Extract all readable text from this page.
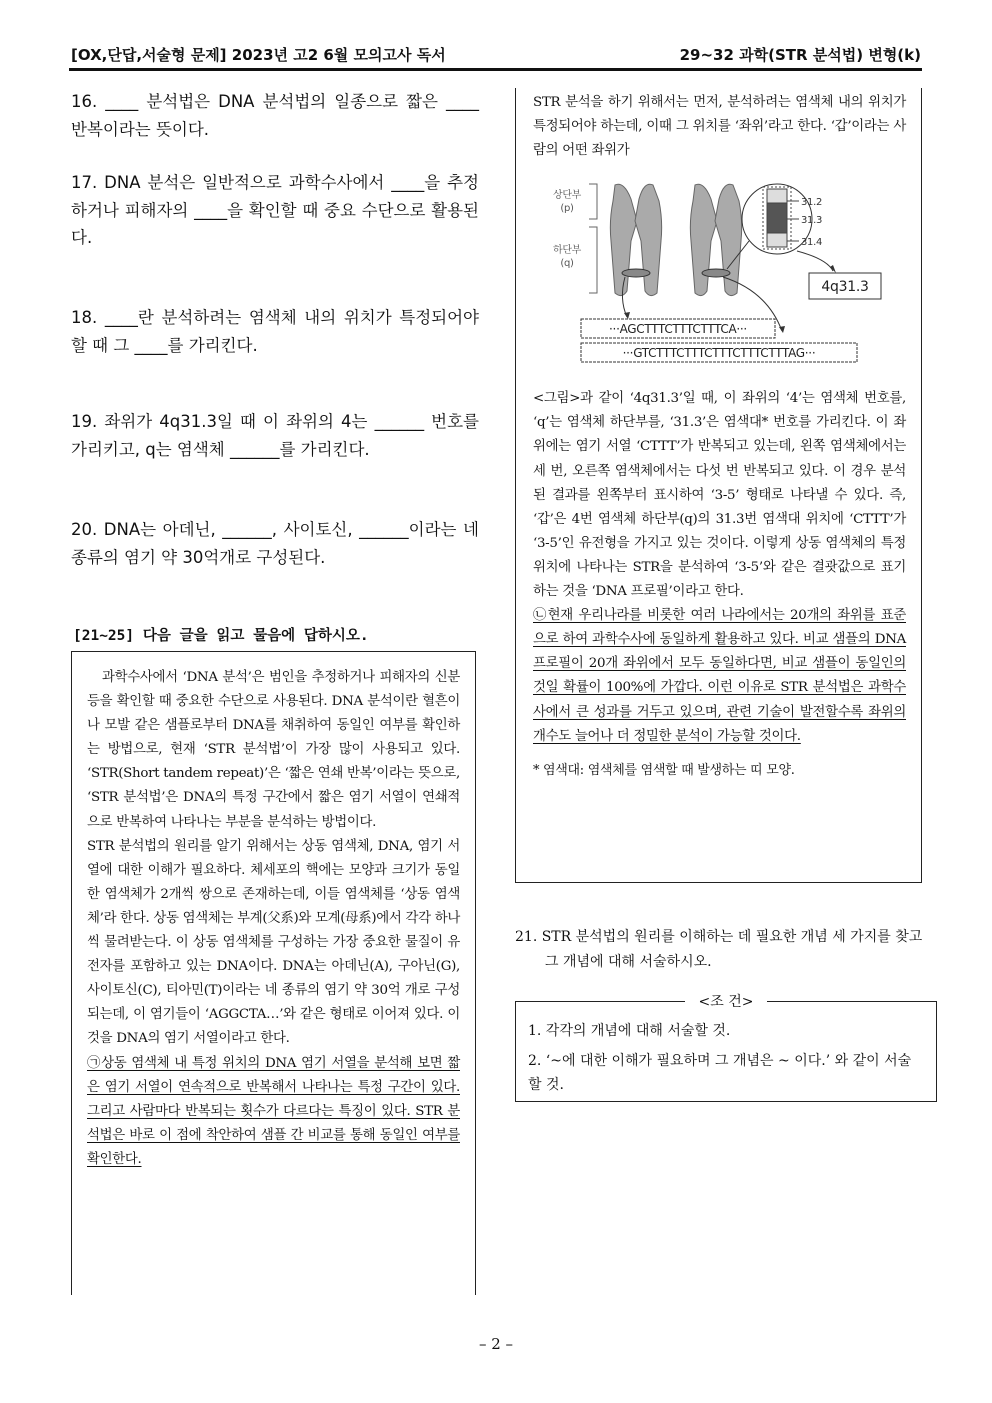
[OX,단답,서술형 문제] 2023년 고2 6월 모의고사 독서	29~32 과학(STR 분석법) 변형(k)

16. ____ 분석법은 DNA 분석법의 일종으로 짧은 ____ 반복이라는 뜻이다.

17. DNA 분석은 일반적으로 과학수사에서 ____을 추정하거나 피해자의 ____을 확인할 때 중요 수단으로 활용된다.

18. ____란 분석하려는 염색체 내의 위치가 특정되어야 할 때 그 ____를 가리킨다.

19. 좌위가 4q31.3일 때 이 좌위의 4는 ______ 번호를 가리키고, q는 염색체 ______를 가리킨다.

20. DNA는 아데닌, ______, 사이토신, ______이라는 네 종류의 염기 약 30억개로 구성된다.

[21~25] 다음 글을 읽고 물음에 답하시오.

과학수사에서 ‘DNA 분석’은 범인을 추정하거나 피해자의 신분 등을 확인할 때 중요한 수단으로 사용된다. DNA 분석이란 혈흔이나 모발 같은 샘플로부터 DNA를 채취하여 동일인 여부를 확인하는 방법으로, 현재 ‘STR 분석법’이 가장 많이 사용되고 있다. ‘STR(Short tandem repeat)’은 ‘짧은 연쇄 반복’이라는 뜻으로, ‘STR 분석법’은 DNA의 특정 구간에서 짧은 염기 서열이 연쇄적으로 반복하여 나타나는 부분을 분석하는 방법이다.

STR 분석법의 원리를 알기 위해서는 상동 염색체, DNA, 염기 서열에 대한 이해가 필요하다. 체세포의 핵에는 모양과 크기가 동일한 염색체가 2개씩 쌍으로 존재하는데, 이들 염색체를 ‘상동 염색체’라 한다. 상동 염색체는 부계(父系)와 모계(母系)에서 각각 하나씩 물려받는다. 이 상동 염색체를 구성하는 가장 중요한 물질이 유전자를 포함하고 있는 DNA이다. DNA는 아데닌(A), 구아닌(G), 사이토신(C), 티아민(T)이라는 네 종류의 염기 약 30억 개로 구성되는데, 이 염기들이 ‘AGGCTA…’와 같은 형태로 이어져 있다. 이것을 DNA의 염기 서열이라고 한다.

㉠상동 염색체 내 특정 위치의 DNA 염기 서열을 분석해 보면 짧은 염기 서열이 연속적으로 반복해서 나타나는 특정 구간이 있다. 그리고 사람마다 반복되는 횟수가 다르다는 특징이 있다. STR 분석법은 바로 이 점에 착안하여 샘플 간 비교를 통해 동일인 여부를 확인한다.

STR 분석을 하기 위해서는 먼저, 분석하려는 염색체 내의 위치가 특정되어야 하는데, 이때 그 위치를 ‘좌위’라고 한다. ‘갑’이라는 사람의 어떤 좌위가

상단부
(p)
하단부
(q)
31.2
31.3
31.4
4q31.3
···AGCTTTCTTTCTTTCA···
···GTCTTTCTTTCTTTCTTTCTTTAG···

<그림>과 같이 ‘4q31.3’일 때, 이 좌위의 ‘4’는 염색체 번호를, ‘q’는 염색체 하단부를, ‘31.3’은 염색대* 번호를 가리킨다. 이 좌위에는 염기 서열 ‘CTTT’가 반복되고 있는데, 왼쪽 염색체에서는 세 번, 오른쪽 염색체에서는 다섯 번 반복되고 있다. 이 경우 분석된 결과를 왼쪽부터 표시하여 ‘3-5’ 형태로 나타낼 수 있다. 즉, ‘갑’은 4번 염색체 하단부(q)의 31.3번 염색대 위치에 ‘CTTT’가 ‘3-5’인 유전형을 가지고 있는 것이다. 이렇게 상동 염색체의 특정 위치에 나타나는 STR을 분석하여 ‘3-5’와 같은 결괏값으로 표기하는 것을 ‘DNA 프로필’이라고 한다.

㉡현재 우리나라를 비롯한 여러 나라에서는 20개의 좌위를 표준으로 하여 과학수사에 동일하게 활용하고 있다. 비교 샘플의 DNA 프로필이 20개 좌위에서 모두 동일하다면, 비교 샘플이 동일인의 것일 확률이 100%에 가깝다. 이런 이유로 STR 분석법은 과학수사에서 큰 성과를 거두고 있으며, 관련 기술이 발전할수록 좌위의 개수도 늘어나 더 정밀한 분석이 가능할 것이다.

* 염색대: 염색체를 염색할 때 발생하는 띠 모양.

21. STR 분석법의 원리를 이해하는 데 필요한 개념 세 가지를 찾고 그 개념에 대해 서술하시오.
<조 건>

1. 각각의 개념에 대해 서술할 것.

2. ‘~에 대한 이해가 필요하며 그 개념은 ~ 이다.’ 와 같이 서술할 것.

– 2 –
